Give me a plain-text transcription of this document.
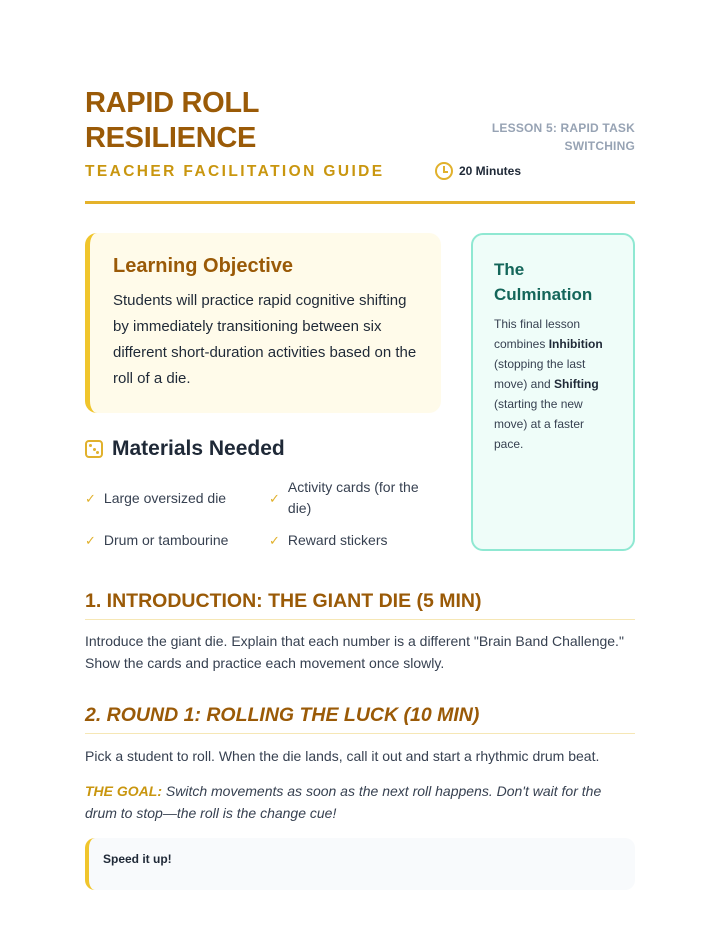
RAPID ROLL
RESILIENCE
TEACHER FACILITATION GUIDE
LESSON 5: RAPID TASK SWITCHING
20 Minutes
Learning Objective

Students will practice rapid cognitive shifting by immediately transitioning between six different short-duration activities based on the roll of a die.

Materials Needed
✓ Large oversized die	✓
Activity cards (for the die)
✓ Drum or tambourine	✓ Reward stickers
The Culmination

This final lesson combines Inhibition (stopping the last move) and Shifting (starting the new move) at a faster pace.

1. INTRODUCTION: THE GIANT DIE (5 MIN)
Introduce the giant die. Explain that each number is a different "Brain Band Challenge." Show the cards and practice each movement once slowly.
2. ROUND 1: ROLLING THE LUCK (10 MIN)
Pick a student to roll. When the die lands, call it out and start a rhythmic drum beat.
THE GOAL: Switch movements as soon as the next roll happens. Don't wait for the drum to stop—the roll is the change cue!
Speed it up!
